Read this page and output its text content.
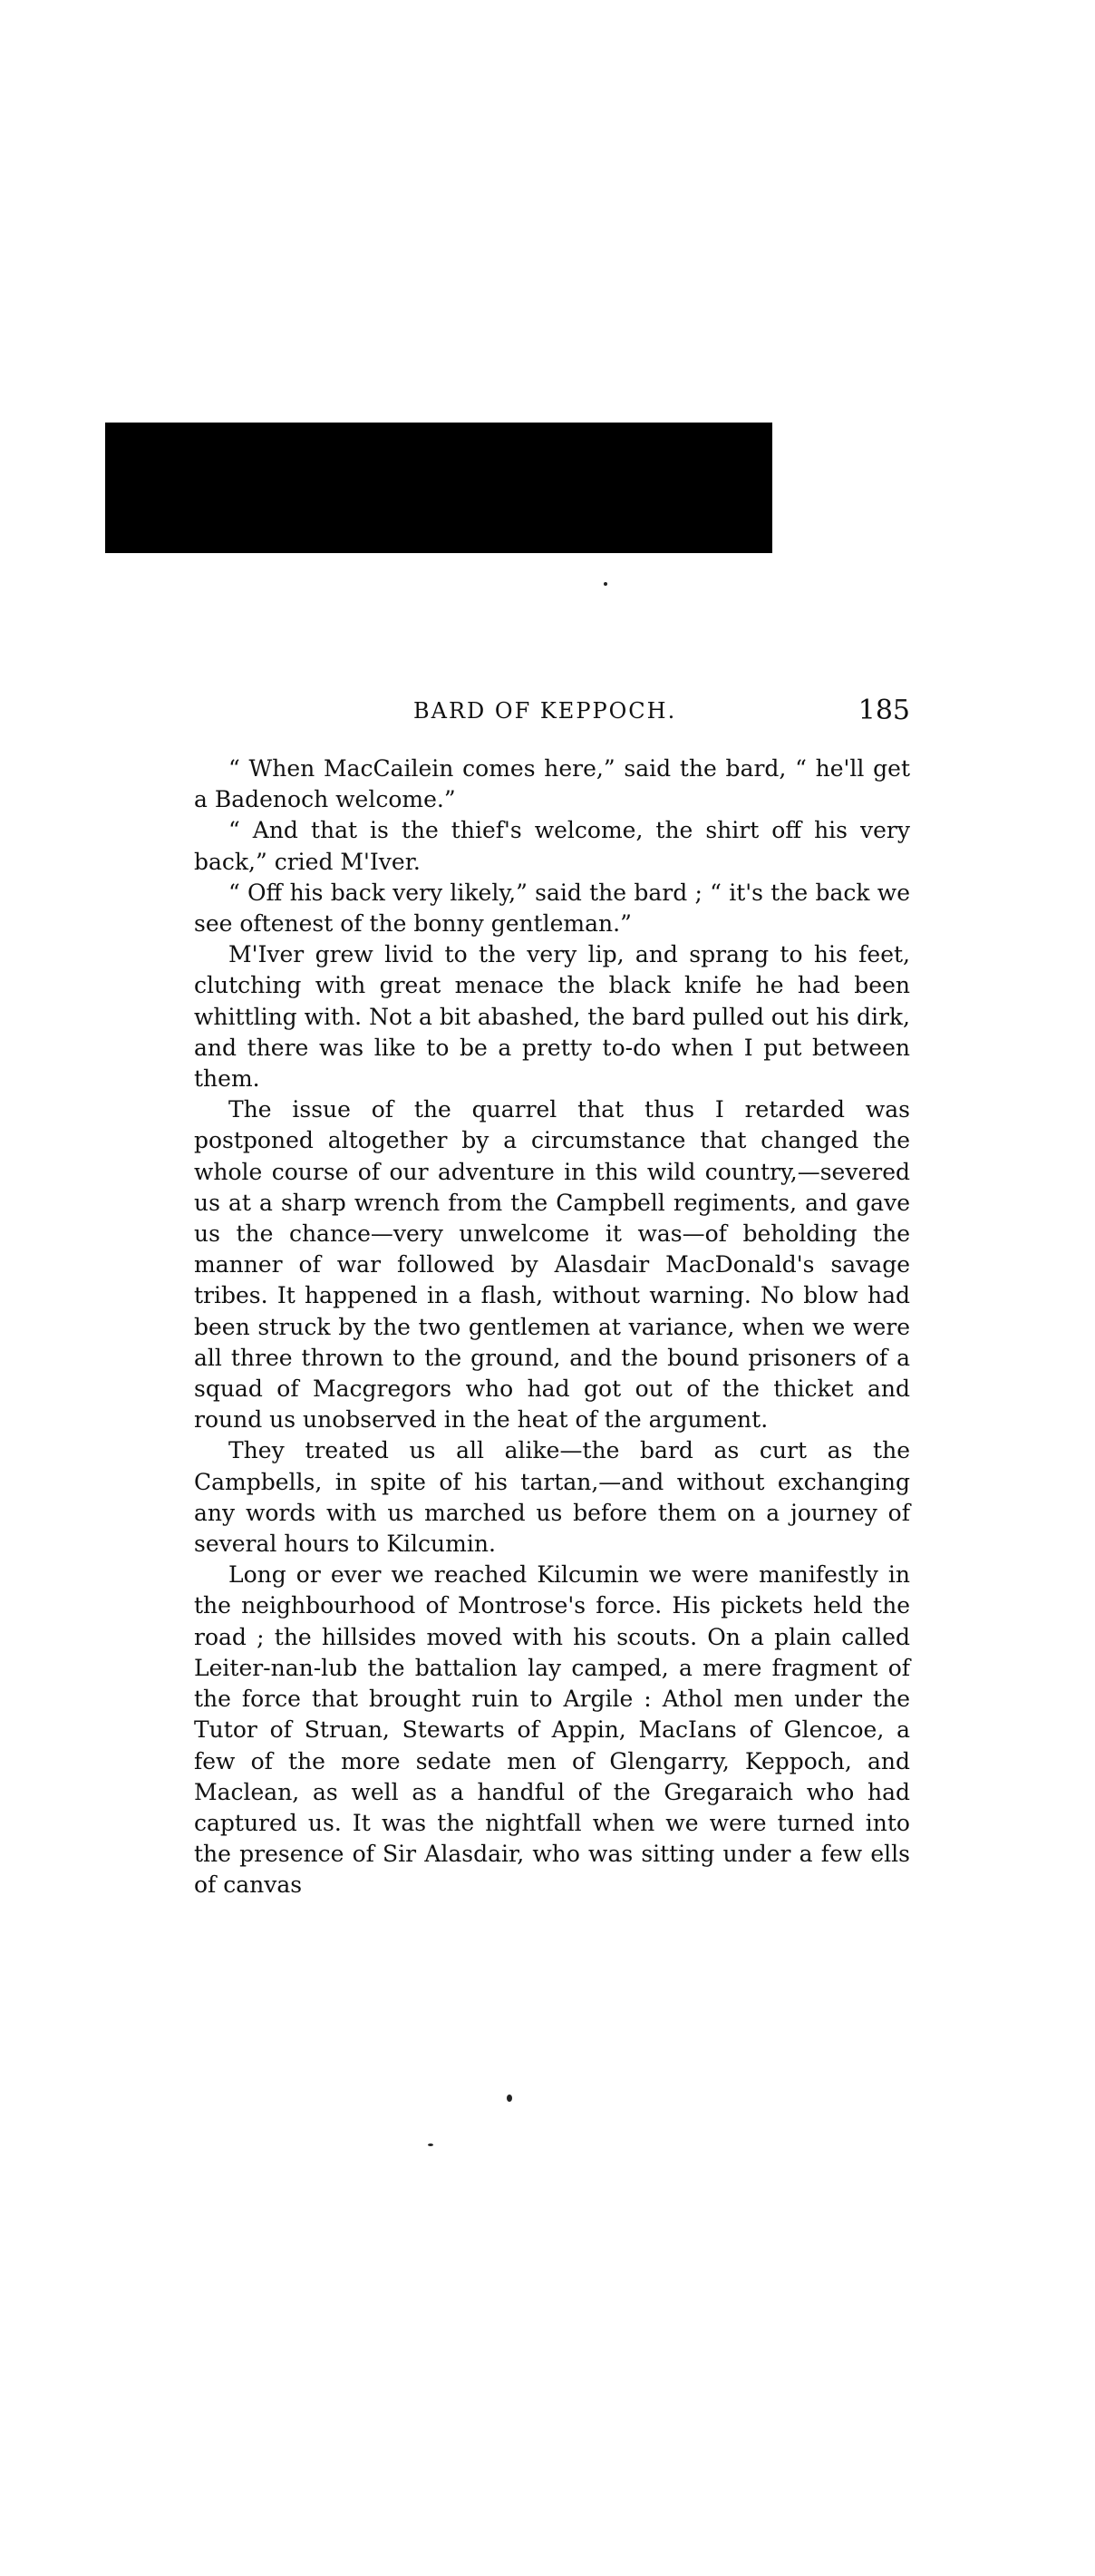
BARD OF KEPPOCH.	185

“ When MacCailein comes here,” said the bard, “ he'll get a Badenoch welcome.”

“ And that is the thief's welcome, the shirt off his very back,” cried M'Iver.

“ Off his back very likely,” said the bard ; “ it's the back we see oftenest of the bonny gentleman.”

M'Iver grew livid to the very lip, and sprang to his feet, clutching with great menace the black knife he had been whittling with. Not a bit abashed, the bard pulled out his dirk, and there was like to be a pretty to-do when I put between them.

The issue of the quarrel that thus I retarded was postponed altogether by a circumstance that changed the whole course of our adventure in this wild country,—severed us at a sharp wrench from the Campbell regiments, and gave us the chance—very unwelcome it was—of beholding the manner of war followed by Alasdair MacDonald's savage tribes. It happened in a flash, without warning. No blow had been struck by the two gentlemen at variance, when we were all three thrown to the ground, and the bound prisoners of a squad of Macgregors who had got out of the thicket and round us unobserved in the heat of the argument.

They treated us all alike—the bard as curt as the Campbells, in spite of his tartan,—and without exchanging any words with us marched us before them on a journey of several hours to Kilcumin.

Long or ever we reached Kilcumin we were manifestly in the neighbourhood of Montrose's force. His pickets held the road ; the hillsides moved with his scouts. On a plain called Leiter-nan-lub the battalion lay camped, a mere fragment of the force that brought ruin to Argile : Athol men under the Tutor of Struan, Stewarts of Appin, MacIans of Glencoe, a few of the more sedate men of Glengarry, Keppoch, and Maclean, as well as a handful of the Gregaraich who had captured us. It was the nightfall when we were turned into the presence of Sir Alasdair, who was sitting under a few ells of canvas
